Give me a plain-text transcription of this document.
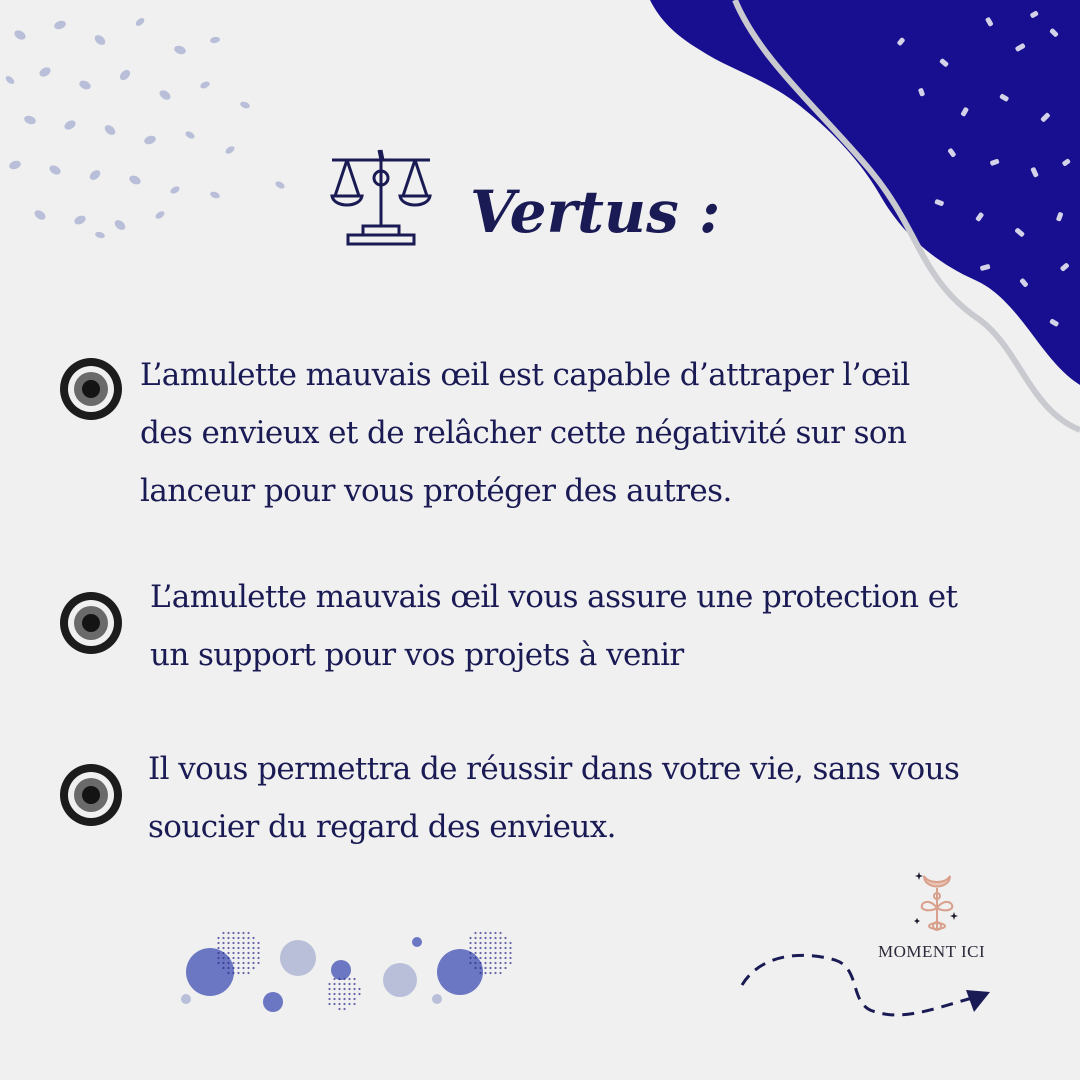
Vertus :

L’amulette mauvais œil est capable d’attraper l’œil
des envieux et de relâcher cette négativité sur son
lanceur pour vous protéger des autres.

L’amulette mauvais œil vous assure une protection et
un support pour vos projets à venir

Il vous permettra de réussir dans votre vie, sans vous
soucier du regard des envieux.

MOMENT ICI
